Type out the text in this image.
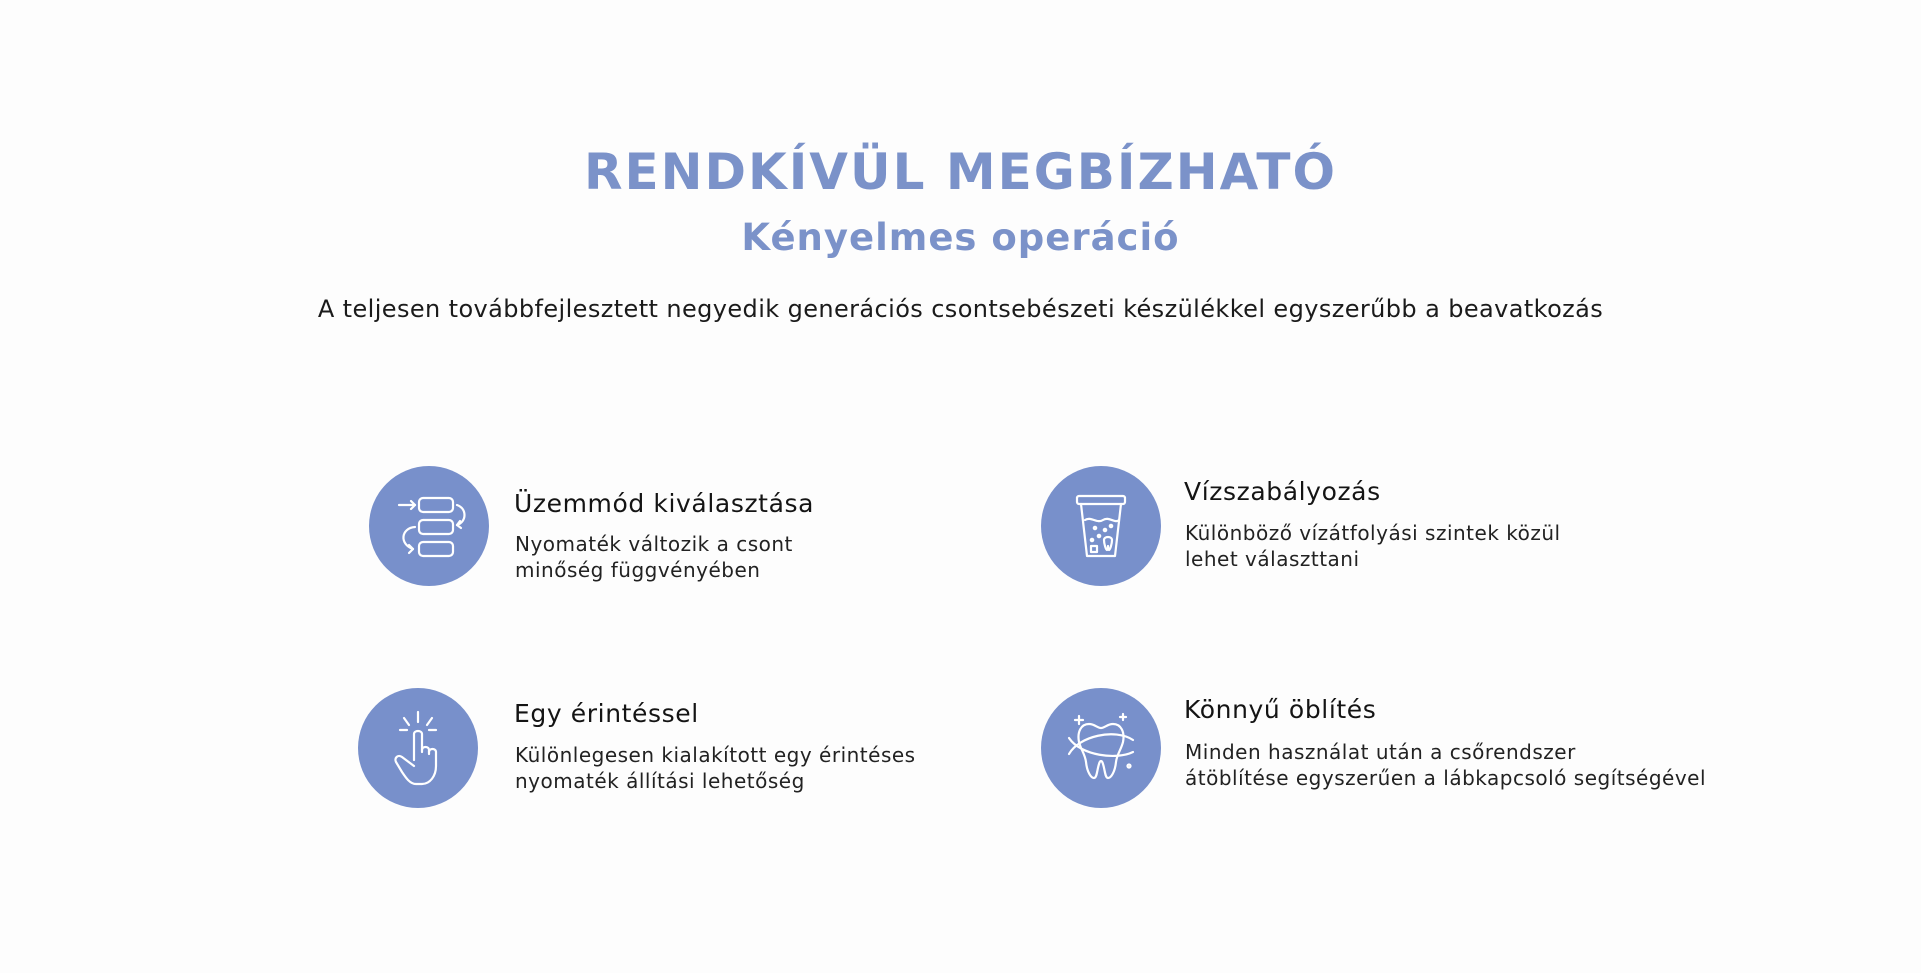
RENDKÍVÜL MEGBÍZHATÓ
Kényelmes operáció

A teljesen továbbfejlesztett negyedik generációs csontsebészeti készülékkel egyszerűbb a beavatkozás

Üzemmód kiválasztása
Nyomaték változik a csont
minőség függvényében
Vízszabályozás
Különböző vízátfolyási szintek közül
lehet választtani
Egy érintéssel
Különlegesen kialakított egy érintéses
nyomaték állítási lehetőség
Könnyű öblítés
Minden használat után a csőrendszer
átöblítése egyszerűen a lábkapcsoló segítségével
